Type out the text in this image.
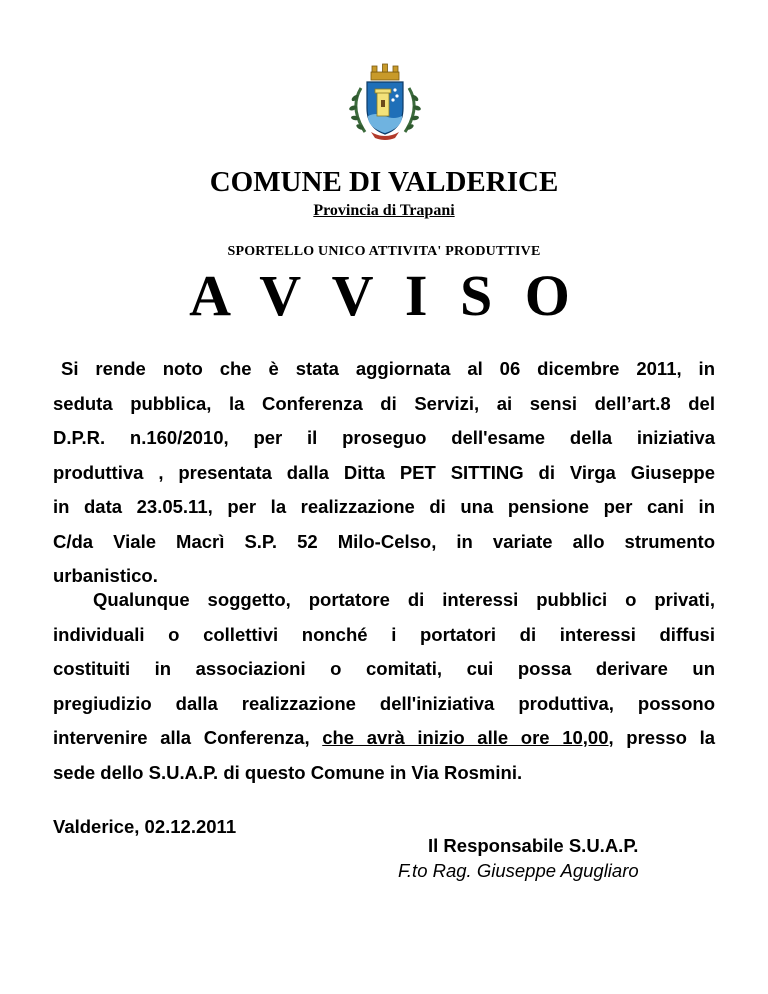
COMUNE DI VALDERICE
Provincia di Trapani
SPORTELLO UNICO ATTIVITA' PRODUTTIVE
A V V I S O
Si rende noto che è stata aggiornata al 06 dicembre 2011, in
seduta pubblica, la Conferenza di Servizi, ai sensi dell’art.8 del
D.P.R. n.160/2010, per il proseguo dell'esame della iniziativa
produttiva , presentata dalla Ditta PET SITTING di Virga Giuseppe
in data 23.05.11, per la realizzazione di una pensione per cani in
C/da Viale Macrì S.P. 52 Milo-Celso, in variate allo strumento
urbanistico.
Qualunque soggetto, portatore di interessi pubblici o privati,
individuali o collettivi nonché i portatori di interessi diffusi
costituiti in associazioni o comitati, cui possa derivare un
pregiudizio dalla realizzazione dell'iniziativa produttiva, possono
intervenire alla Conferenza, che avrà inizio alle ore 10,00, presso la
sede dello S.U.A.P. di questo Comune in Via Rosmini.
Valderice, 02.12.2011
Il Responsabile S.U.A.P.
F.to Rag. Giuseppe Agugliaro
